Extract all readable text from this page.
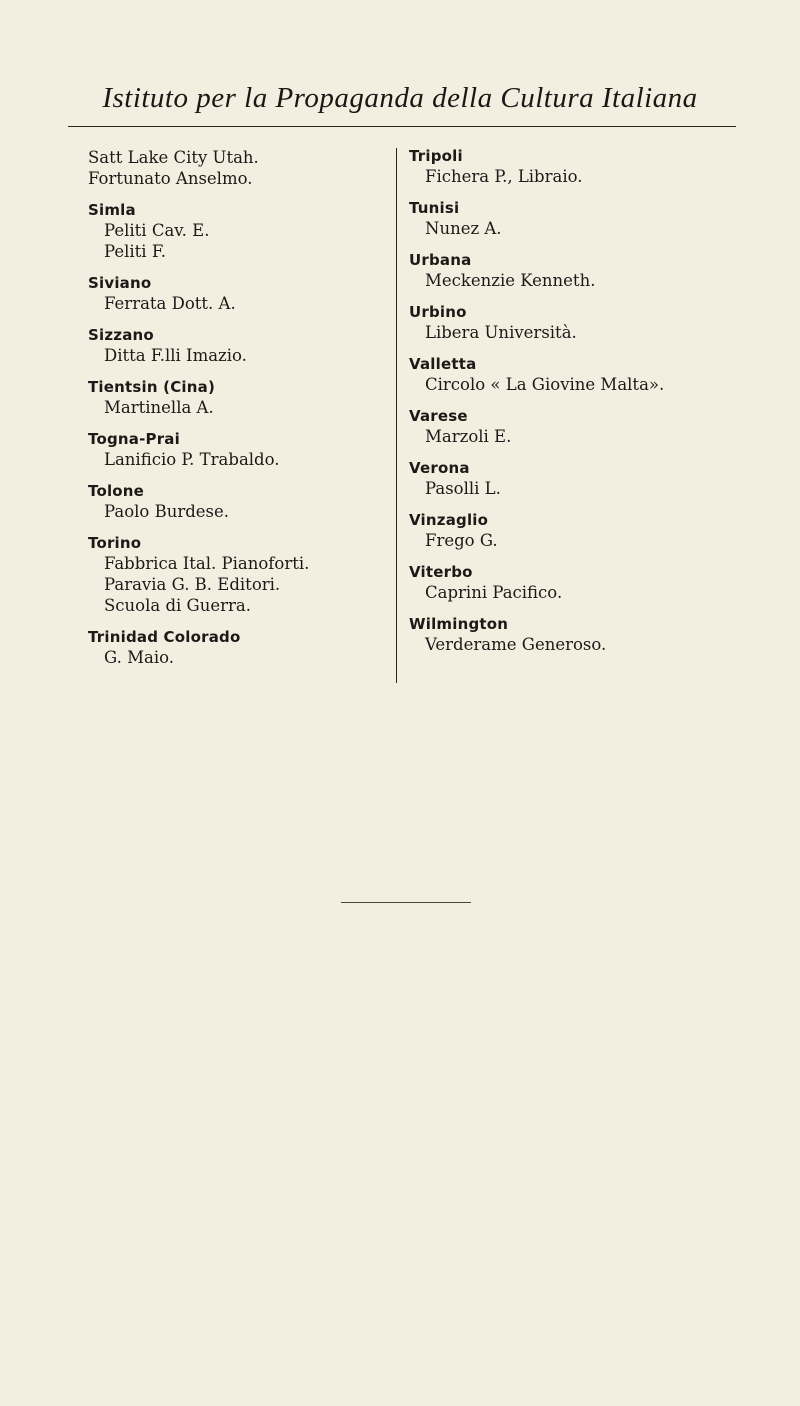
Istituto per la Propaganda della Cultura Italiana
Satt Lake City Utah.
Fortunato Anselmo.
Simla
Peliti Cav. E.
Peliti F.
Siviano
Ferrata Dott. A.
Sizzano
Ditta F.lli Imazio.
Tientsin (Cina)
Martinella A.
Togna-Prai
Lanificio P. Trabaldo.
Tolone
Paolo Burdese.
Torino
Fabbrica Ital. Pianoforti.
Paravia G. B. Editori.
Scuola di Guerra.
Trinidad Colorado
G. Maio.
Tripoli
Fichera P., Libraio.
Tunisi
Nunez A.
Urbana
Meckenzie Kenneth.
Urbino
Libera Università.
Valletta
Circolo « La Giovine Malta».
Varese
Marzoli E.
Verona
Pasolli L.
Vinzaglio
Frego G.
Viterbo
Caprini Pacifico.
Wilmington
Verderame Generoso.
